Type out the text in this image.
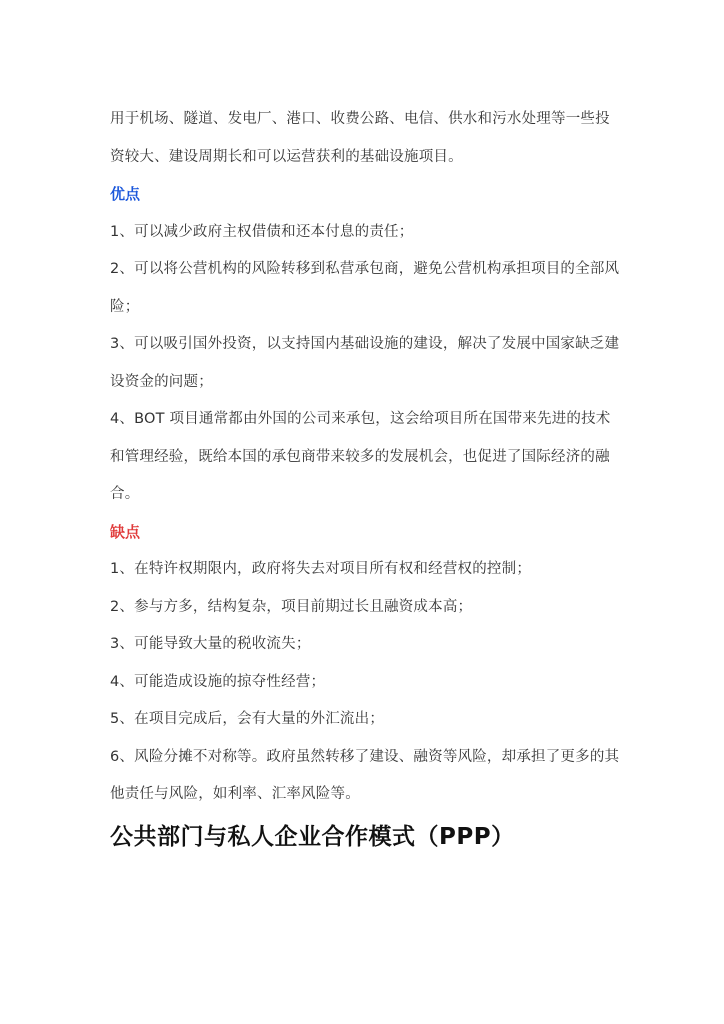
用于机场、隧道、发电厂、港口、收费公路、电信、供水和污水处理等一些投

资较大、建设周期长和可以运营获利的基础设施项目。

优点

1、可以减少政府主权借债和还本付息的责任；

2、可以将公营机构的风险转移到私营承包商，避免公营机构承担项目的全部风险；

3、可以吸引国外投资，以支持国内基础设施的建设，解决了发展中国家缺乏建设资金的问题；

4、BOT 项目通常都由外国的公司来承包，这会给项目所在国带来先进的技术和管理经验，既给本国的承包商带来较多的发展机会，也促进了国际经济的融合。

缺点

1、在特许权期限内，政府将失去对项目所有权和经营权的控制；

2、参与方多，结构复杂，项目前期过长且融资成本高；

3、可能导致大量的税收流失；

4、可能造成设施的掠夺性经营；

5、在项目完成后，会有大量的外汇流出；

6、风险分摊不对称等。政府虽然转移了建设、融资等风险，却承担了更多的其他责任与风险，如利率、汇率风险等。

公共部门与私人企业合作模式（PPP）
